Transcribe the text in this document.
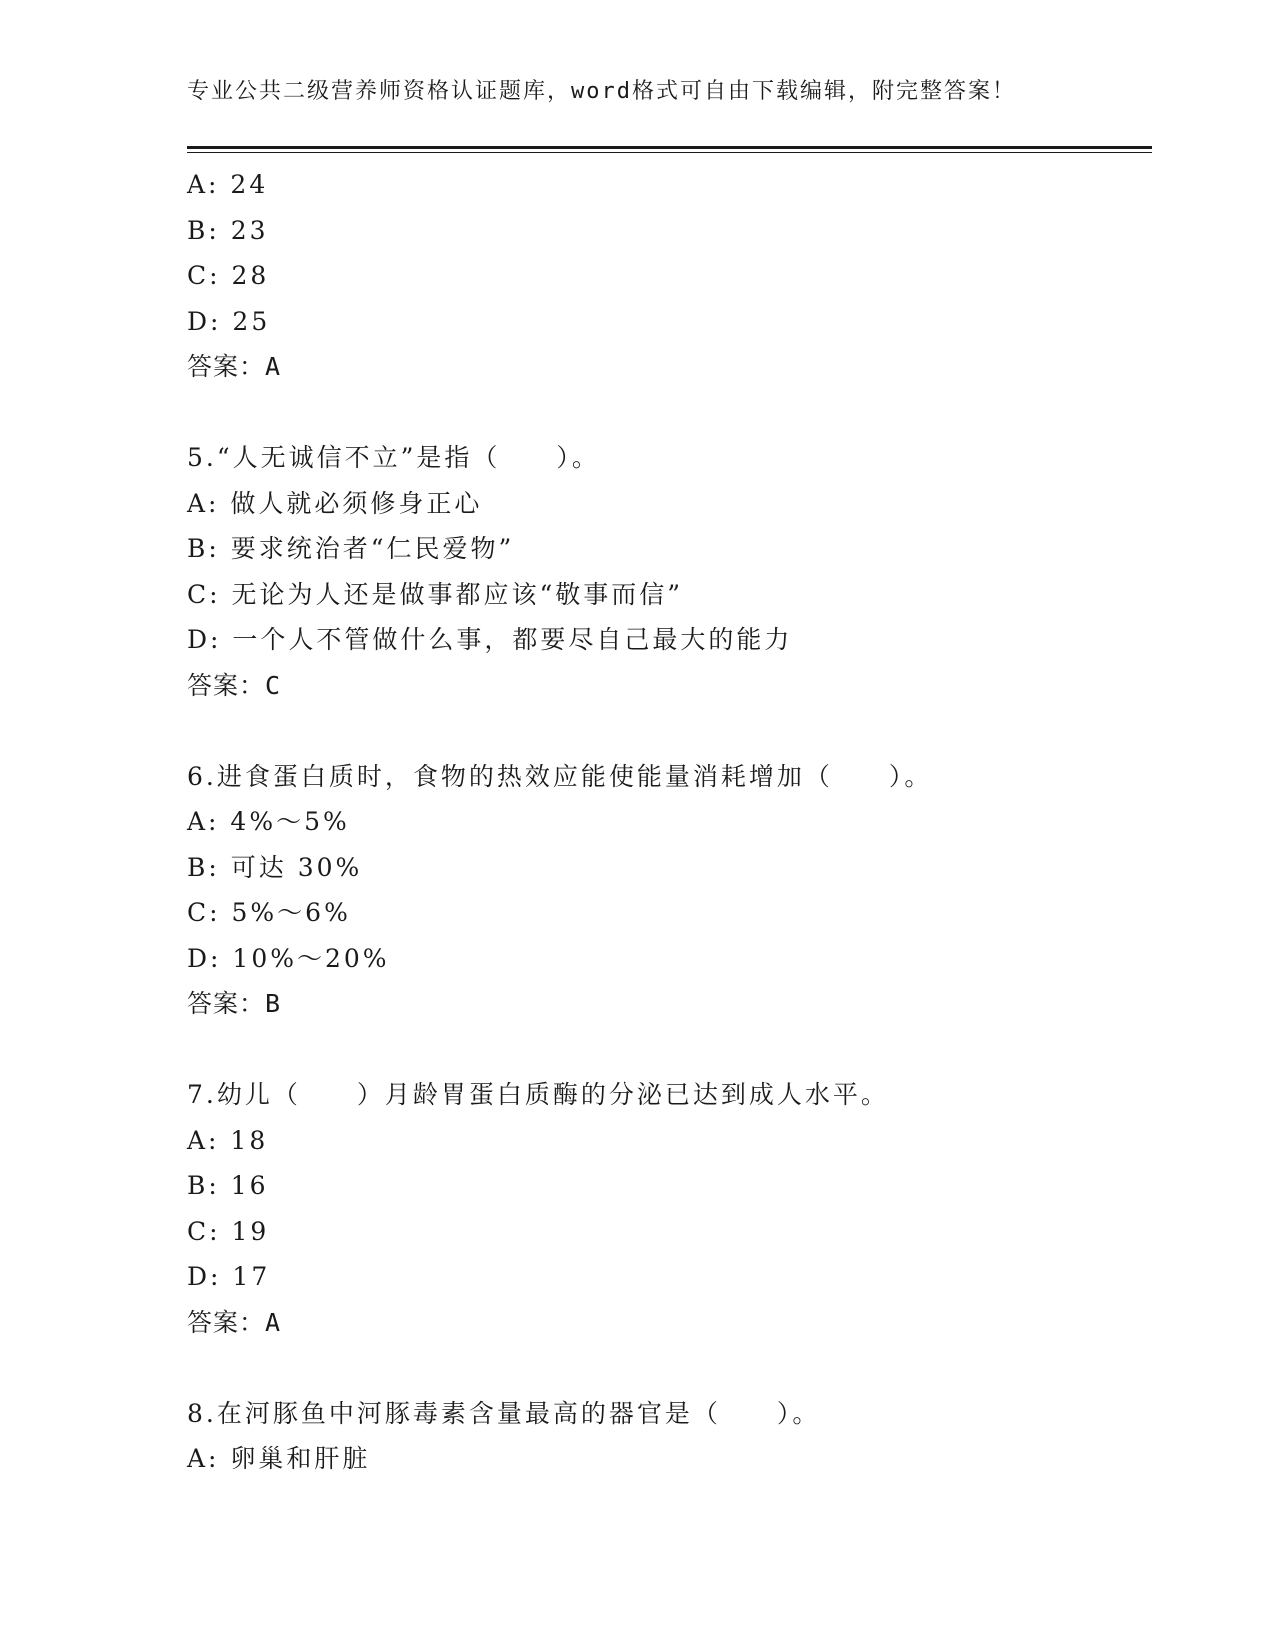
专业公共二级营养师资格认证题库，word格式可自由下载编辑，附完整答案！
A: 24
B: 23
C: 28
D: 25
答案：A
5.“人无诚信不立”是指（　　）。
A: 做人就必须修身正心
B: 要求统治者“仁民爱物”
C: 无论为人还是做事都应该“敬事而信”
D: 一个人不管做什么事，都要尽自己最大的能力
答案：C
6.进食蛋白质时，食物的热效应能使能量消耗增加（　　）。
A: 4%～5%
B: 可达 30%
C: 5%～6%
D: 10%～20%
答案：B
7.幼儿（　　）月龄胃蛋白质酶的分泌已达到成人水平。
A: 18
B: 16
C: 19
D: 17
答案：A
8.在河豚鱼中河豚毒素含量最高的器官是（　　）。
A: 卵巢和肝脏
